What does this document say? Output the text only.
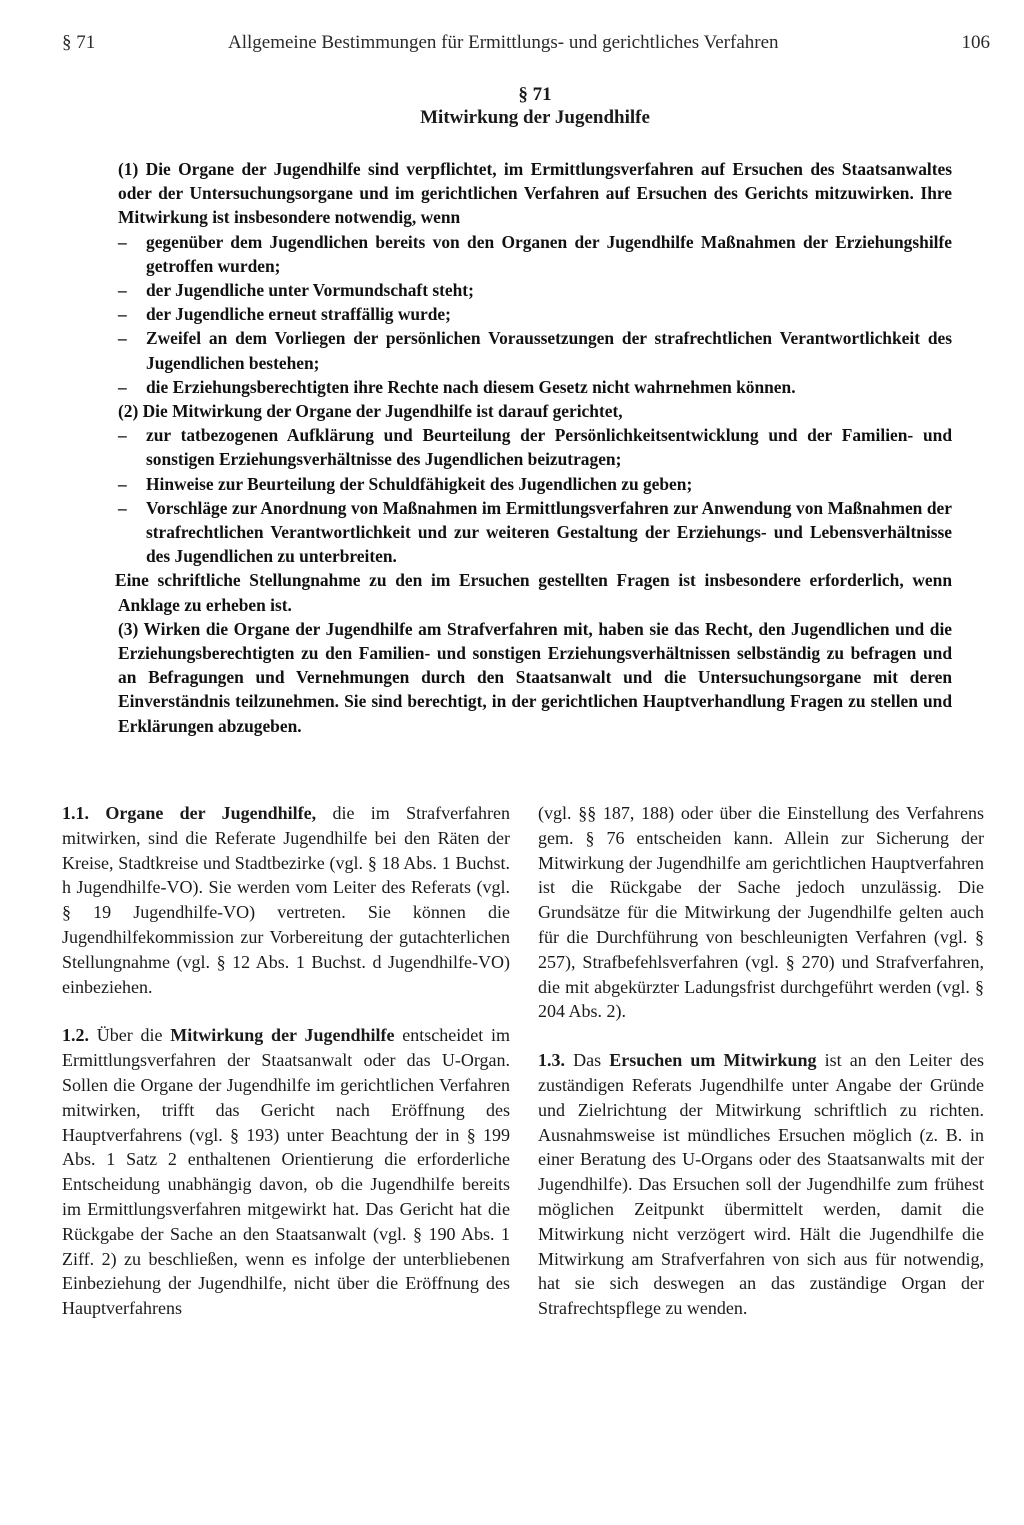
§ 71	Allgemeine Bestimmungen für Ermittlungs- und gerichtliches Verfahren	106
§ 71
Mitwirkung der Jugendhilfe

(1) Die Organe der Jugendhilfe sind verpflichtet, im Ermittlungsverfahren auf Ersuchen des Staatsanwaltes oder der Untersuchungsorgane und im gerichtlichen Verfahren auf Ersuchen des Gerichts mitzuwirken. Ihre Mitwirkung ist insbesondere notwendig, wenn

– gegenüber dem Jugendlichen bereits von den Organen der Jugendhilfe Maßnahmen der Erziehungshilfe getroffen wurden;
– der Jugendliche unter Vormundschaft steht;
– der Jugendliche erneut straffällig wurde;
– Zweifel an dem Vorliegen der persönlichen Voraussetzungen der strafrechtlichen Verantwortlichkeit des Jugendlichen bestehen;
– die Erziehungsberechtigten ihre Rechte nach diesem Gesetz nicht wahrnehmen können.

(2) Die Mitwirkung der Organe der Jugendhilfe ist darauf gerichtet,

– zur tatbezogenen Aufklärung und Beurteilung der Persönlichkeitsentwicklung und der Familien- und sonstigen Erziehungsverhältnisse des Jugendlichen beizutragen;
– Hinweise zur Beurteilung der Schuldfähigkeit des Jugendlichen zu geben;
– Vorschläge zur Anordnung von Maßnahmen im Ermittlungsverfahren zur Anwendung von Maßnahmen der strafrechtlichen Verantwortlichkeit und zur weiteren Gestaltung der Erziehungs- und Lebensverhältnisse des Jugendlichen zu unterbreiten.

Eine schriftliche Stellungnahme zu den im Ersuchen gestellten Fragen ist insbesondere erforderlich, wenn Anklage zu erheben ist.

(3) Wirken die Organe der Jugendhilfe am Strafverfahren mit, haben sie das Recht, den Jugendlichen und die Erziehungsberechtigten zu den Familien- und sonstigen Erziehungsverhältnissen selbständig zu befragen und an Befragungen und Vernehmungen durch den Staatsanwalt und die Untersuchungsorgane mit deren Einverständnis teilzunehmen. Sie sind berechtigt, in der gerichtlichen Hauptverhandlung Fragen zu stellen und Erklärungen abzugeben.

1.1. Organe der Jugendhilfe, die im Strafverfahren mitwirken, sind die Referate Jugendhilfe bei den Räten der Kreise, Stadtkreise und Stadtbezirke (vgl. § 18 Abs. 1 Buchst. h Jugendhilfe-VO). Sie werden vom Leiter des Referats (vgl. § 19 Jugendhilfe-VO) vertreten. Sie können die Jugendhilfekommission zur Vorbereitung der gutachterlichen Stellungnahme (vgl. § 12 Abs. 1 Buchst. d Jugendhilfe-VO) einbeziehen.

1.2. Über die Mitwirkung der Jugendhilfe entscheidet im Ermittlungsverfahren der Staatsanwalt oder das U-Organ. Sollen die Organe der Jugendhilfe im gerichtlichen Verfahren mitwirken, trifft das Gericht nach Eröffnung des Hauptverfahrens (vgl. § 193) unter Beachtung der in § 199 Abs. 1 Satz 2 enthaltenen Orientierung die erforderliche Entscheidung unabhängig davon, ob die Jugendhilfe bereits im Ermittlungsverfahren mitgewirkt hat. Das Gericht hat die Rückgabe der Sache an den Staatsanwalt (vgl. § 190 Abs. 1 Ziff. 2) zu beschließen, wenn es infolge der unterbliebenen Einbeziehung der Jugendhilfe, nicht über die Eröffnung des Hauptverfahrens

(vgl. §§ 187, 188) oder über die Einstellung des Verfahrens gem. § 76 entscheiden kann. Allein zur Sicherung der Mitwirkung der Jugendhilfe am gerichtlichen Hauptverfahren ist die Rückgabe der Sache jedoch unzulässig. Die Grundsätze für die Mitwirkung der Jugendhilfe gelten auch für die Durchführung von beschleunigten Verfahren (vgl. § 257), Strafbefehlsverfahren (vgl. § 270) und Strafverfahren, die mit abgekürzter Ladungsfrist durchgeführt werden (vgl. § 204 Abs. 2).

1.3. Das Ersuchen um Mitwirkung ist an den Leiter des zuständigen Referats Jugendhilfe unter Angabe der Gründe und Zielrichtung der Mitwirkung schriftlich zu richten. Ausnahmsweise ist mündliches Ersuchen möglich (z. B. in einer Beratung des U-Organs oder des Staatsanwalts mit der Jugendhilfe). Das Ersuchen soll der Jugendhilfe zum frühest möglichen Zeitpunkt übermittelt werden, damit die Mitwirkung nicht verzögert wird. Hält die Jugendhilfe die Mitwirkung am Strafverfahren von sich aus für notwendig, hat sie sich deswegen an das zuständige Organ der Strafrechtspflege zu wenden.
